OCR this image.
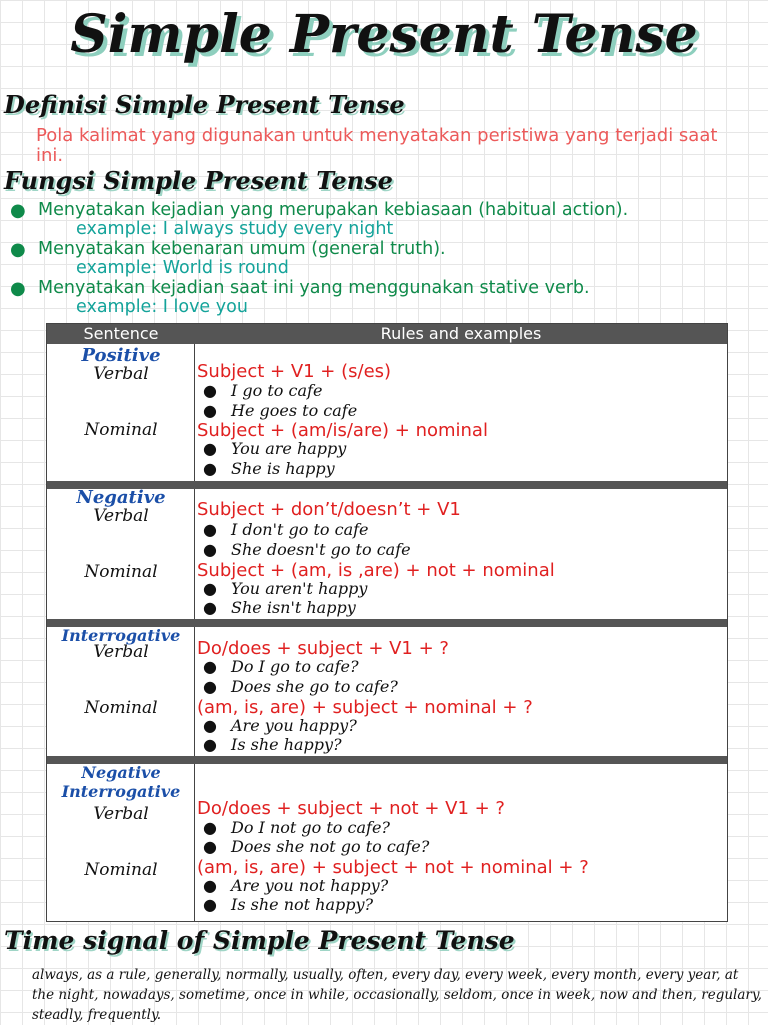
Simple Present Tense
Definisi Simple Present Tense
Pola kalimat yang digunakan untuk menyatakan peristiwa yang terjadi saat ini.
Fungsi Simple Present Tense
● Menyatakan kejadian yang merupakan kebiasaan (habitual action).
example: I always study every night
● Menyatakan kebenaran umum (general truth).
example: World is round
● Menyatakan kejadian saat ini yang menggunakan stative verb.
example: I love you
Sentence	Rules and examples
Positive
Verbal	Subject + V1 + (s/es)
● I go to cafe
● He goes to cafe
Nominal	Subject + (am/is/are) + nominal
● You are happy
● She is happy
Negative
Verbal	Subject + don’t/doesn’t + V1
● I don't go to cafe
● She doesn't go to cafe
Nominal	Subject + (am, is ,are) + not + nominal
● You aren't happy
● She isn't happy
Interrogative
Verbal	Do/does + subject + V1 + ?
● Do I go to cafe?
● Does she go to cafe?
Nominal	(am, is, are) + subject + nominal + ?
● Are you happy?
● Is she happy?
Negative Interrogative
Verbal	Do/does + subject + not + V1 + ?
● Do I not go to cafe?
● Does she not go to cafe?
Nominal	(am, is, are) + subject + not + nominal + ?
● Are you not happy?
● Is she not happy?
Time signal of Simple Present Tense
always, as a rule, generally, normally, usually, often, every day, every week, every month, every year, at the night, nowadays, sometime, once in while, occasionally, seldom, once in week, now and then, regulary, steadly, frequently.
